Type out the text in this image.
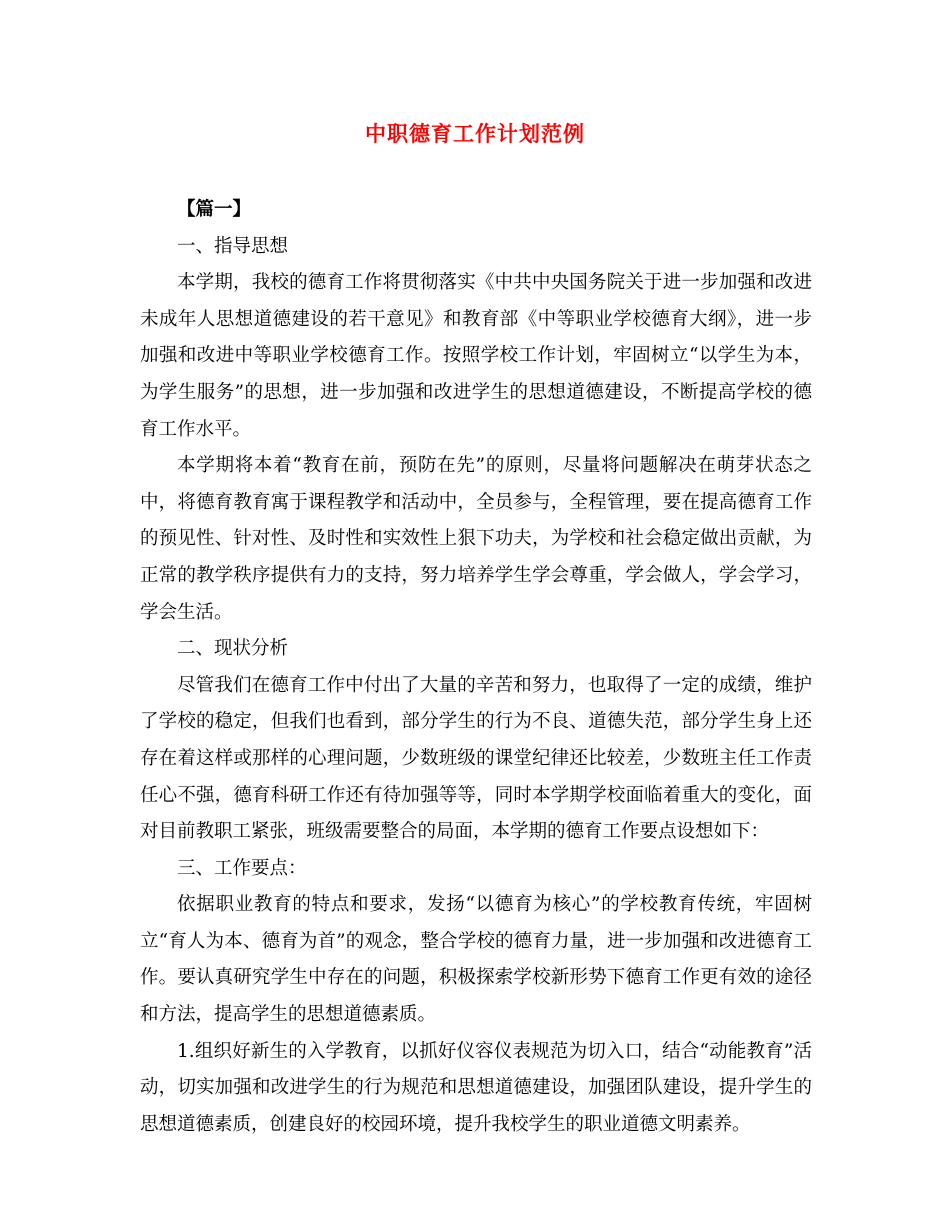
中职德育工作计划范例

【篇一】

一、指导思想

本学期，我校的德育工作将贯彻落实《中共中央国务院关于进一步加强和改进未成年人思想道德建设的若干意见》和教育部《中等职业学校德育大纲》，进一步加强和改进中等职业学校德育工作。按照学校工作计划，牢固树立“以学生为本，为学生服务”的思想，进一步加强和改进学生的思想道德建设，不断提高学校的德育工作水平。

本学期将本着“教育在前，预防在先”的原则，尽量将问题解决在萌芽状态之中，将德育教育寓于课程教学和活动中，全员参与，全程管理，要在提高德育工作的预见性、针对性、及时性和实效性上狠下功夫，为学校和社会稳定做出贡献，为正常的教学秩序提供有力的支持，努力培养学生学会尊重，学会做人，学会学习，学会生活。

二、现状分析

尽管我们在德育工作中付出了大量的辛苦和努力，也取得了一定的成绩，维护了学校的稳定，但我们也看到，部分学生的行为不良、道德失范，部分学生身上还存在着这样或那样的心理问题，少数班级的课堂纪律还比较差，少数班主任工作责任心不强，德育科研工作还有待加强等等，同时本学期学校面临着重大的变化，面对目前教职工紧张，班级需要整合的局面，本学期的德育工作要点设想如下：

三、工作要点：

依据职业教育的特点和要求，发扬“以德育为核心”的学校教育传统，牢固树立“育人为本、德育为首”的观念，整合学校的德育力量，进一步加强和改进德育工作。要认真研究学生中存在的问题，积极探索学校新形势下德育工作更有效的途径和方法，提高学生的思想道德素质。

1.组织好新生的入学教育，以抓好仪容仪表规范为切入口，结合“动能教育”活动，切实加强和改进学生的行为规范和思想道德建设，加强团队建设，提升学生的思想道德素质，创建良好的校园环境，提升我校学生的职业道德文明素养。
